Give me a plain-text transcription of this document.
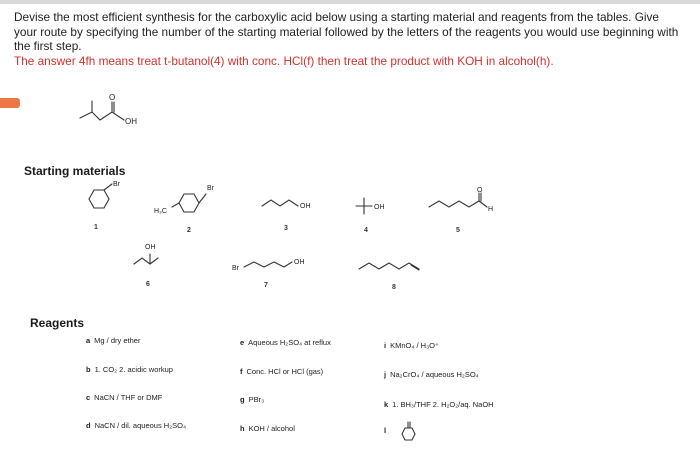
Devise the most efficient synthesis for the carboxylic acid below using a starting material and reagents from the tables. Give your route by specifying the number of the starting material followed by the letters of the reagents you would use beginning with the first step.
The answer 4fh means treat t-butanol(4) with conc. HCl(f) then treat the product with KOH in alcohol(h).
O
OH
Starting materials
Br
1
H₃C
Br
2
OH
3
OH
4
O
H
5
OH
6
Br
OH
7	8
Reagents
a Mg / dry ether
b 1. CO₂ 2. acidic workup
c NaCN / THF or DMF
d NaCN / dil. aqueous H₂SO₄
e Aqueous H₂SO₄ at reflux
f Conc. HCl or HCl (gas)
g PBr₃
h KOH / alcohol
i KMnO₄ / H₃O⁺
j Na₂CrO₄ / aqueous H₂SO₄
k 1. BH₃/THF 2. H₂O₂/aq. NaOH
l
